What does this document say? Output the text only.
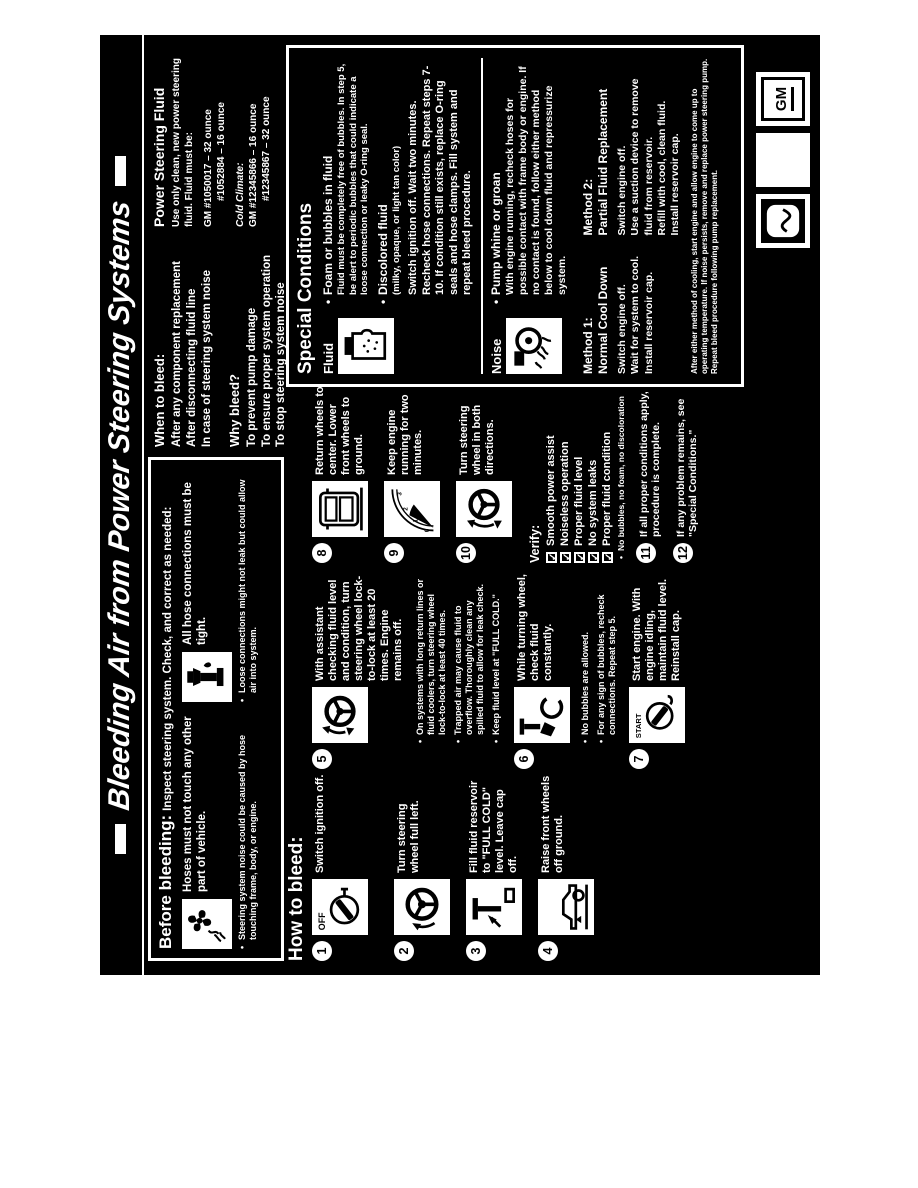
Bleeding Air from Power Steering Systems
Before bleeding:Inspect steering system. Check, and correct as needed: Hoses must not touch any other part of vehicle.	• Steering system noise could be caused by hose touching frame, body, or engine.
All hose connections must be tight.	• Loose connections might not leak but could allow air into system.
When to bleed: After any component replacement After disconnecting fluid line In case of steering system noise Why bleed? To prevent pump damage To ensure proper system operation To stop steering system noise
Power Steering Fluid Use only clean, new power steering fluid. Fluid must be: GM #1050017 – 32 ounce #1052884 – 16 ounce Cold Climate: GM #12345866 – 16 ounce #12345867 – 32 ounce
How to bleed: 1
OFF
Switch ignition off.
2
Turn steering wheel full left.
3
Fill fluid reservoir to "FULL COLD" level. Leave cap off.
4
Raise front wheels off ground.
5
With assistant checking fluid level and condition, turn steering wheel lock-to-lock at least 20 times. Engine remains off. • On systems with long return lines or fluid coolers, turn steering wheel lock-to-lock at least 40 times. • Trapped air may cause fluid to overflow. Thoroughly clean any spilled fluid to allow for leak check. • Keep fluid level at "FULL COLD."
6
While turning wheel, check fluid constantly.	• No bubbles are allowed. • For any sign of bubbles, recheck connections. Repeat step 5.
7
START
Start engine. With engine idling, maintain fluid level. Reinstall cap.
8
Return wheels to center. Lower front wheels to ground.
9
0
1
2
3
Keep engine running for two minutes.
10
Turn steering wheel in both directions.
Verify: ✓
Smooth power assist
✓
Noiseless operation
✓
Proper fluid level
✓
No system leaks
✓
Proper fluid condition • No bubbles, no foam, no discoloration
11
If all proper conditions apply, procedure is complete.
12
If any problem remains, see "Special Conditions."
Special Conditions Fluid
• Foam or bubbles in fluid Fluid must be completely free of bubbles. In step 5, be alert to periodic bubbles that could indicate a loose connection or leaky O-ring seal. • Discolored fluid (milky, opaque, or light tan color) Switch ignition off. Wait two minutes. Recheck hose connections. Repeat steps 7-10. If condition still exists, replace O-ring seals and hose clamps. Fill system and repeat bleed procedure.
Noise
• Pump whine or groan With engine running, recheck hoses for possible contact with frame body or engine. If no contact is found, follow either method below to cool down fluid and repressurize system.
Method 1:
Normal Cool Down Switch engine off. Wait for system to cool. Install reservoir cap.
Method 2:
Partial Fluid Replacement Switch engine off. Use a suction device to remove fluid from reservoir. Refill with cool, clean fluid. Install reservoir cap. After either method of cooling, start engine and allow engine to come up to operating temperature. If noise persists, remove and replace power steering pump. Repeat bleed procedure following pump replacement.
GM
